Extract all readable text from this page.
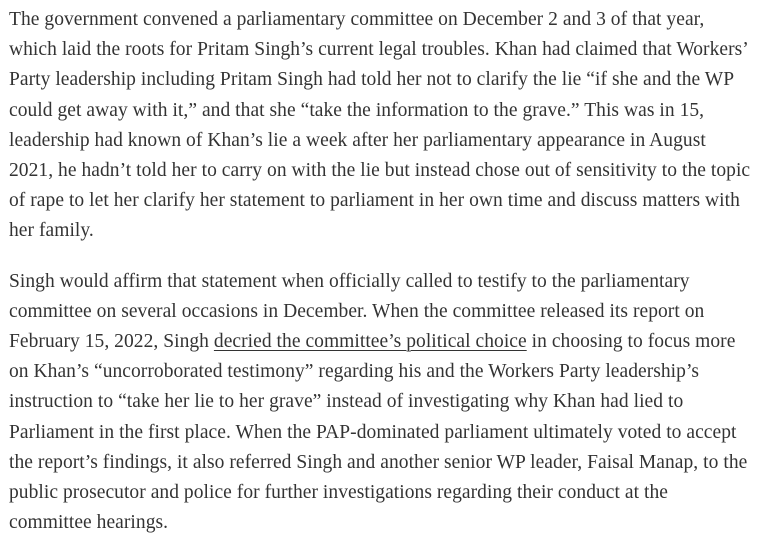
The government convened a parliamentary committee on December 2 and 3 of that year, which laid the roots for Pritam Singh’s current legal troubles. Khan had claimed that Workers’ Party leadership including Pritam Singh had told her not to clarify the lie “if she and the WP could get away with it,” and that she “take the information to the grave.” This was in 15, leadership had known of Khan’s lie a week after her parliamentary appearance in August 2021, he hadn’t told her to carry on with the lie but instead chose out of sensitivity to the topic of rape to let her clarify her statement to parliament in her own time and discuss matters with her family.

Singh would affirm that statement when officially called to testify to the parliamentary committee on several occasions in December. When the committee released its report on February 15, 2022, Singh decried the committee’s political choice in choosing to focus more on Khan’s “uncorroborated testimony” regarding his and the Workers Party leadership’s instruction to “take her lie to her grave” instead of investigating why Khan had lied to Parliament in the first place. When the PAP-dominated parliament ultimately voted to accept the report’s findings, it also referred Singh and another senior WP leader, Faisal Manap, to the public prosecutor and police for further investigations regarding their conduct at the committee hearings.
